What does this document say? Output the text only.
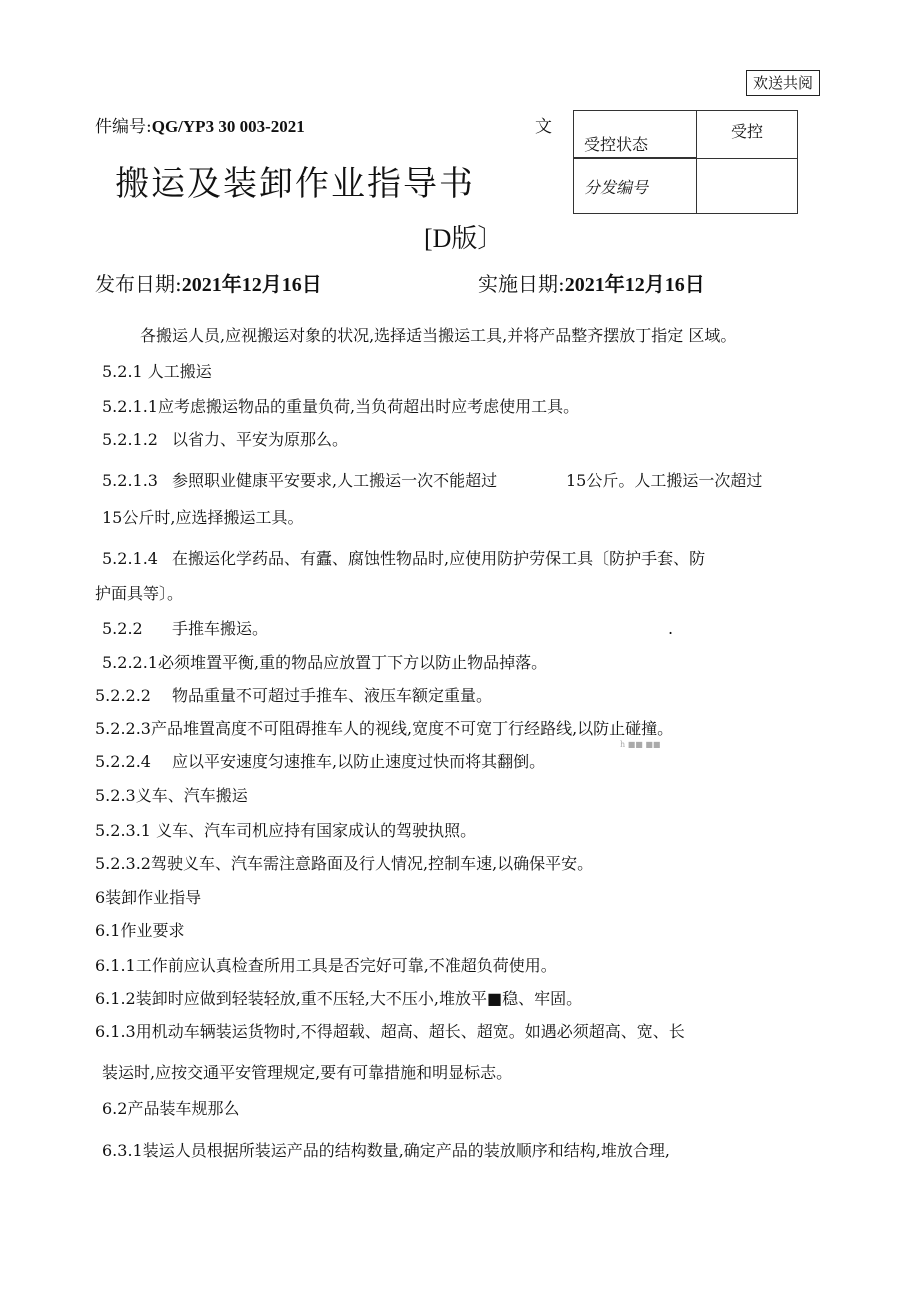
欢送共阅
件编号:QG/YP3 30 003-2021	文
搬运及装卸作业指导书
受控状态	受控

分发编号	
[D版〕
发布日期:2021年12月16日	实施日期:2021年12月16日
各搬运人员,应视搬运对象的状况,选择适当搬运工具,并将产品整齐摆放丁指定 区域。
5.2.1 人工搬运
5.2.1.1应考虑搬运物品的重量负荷,当负荷超出时应考虑使用工具。
5.2.1.2 以省力、平安为原那么。
5.2.1.3 参照职业健康平安要求,人工搬运一次不能超过	15公斤。人工搬运一次超过
15公斤时,应选择搬运工具。
5.2.1.4 在搬运化学药品、有蠹、腐蚀性物品时,应使用防护劳保工具〔防护手套、防
护面具等〕。
5.2.2 手推车搬运。	.
5.2.2.1必须堆置平衡,重的物品应放置丁下方以防止物品掉落。
5.2.2.2 物品重量不可超过手推车、液压车额定重量。
5.2.2.3产品堆置高度不可阻碍推车人的视线,宽度不可宽丁行经路线,以防止碰撞。
h ■■ ■■
5.2.2.4 应以平安速度匀速推车,以防止速度过快而将其翻倒。
5.2.3义车、汽车搬运
5.2.3.1 义车、汽车司机应持有国家成认的驾驶执照。
5.2.3.2驾驶义车、汽车需注意路面及行人情况,控制车速,以确保平安。
6装卸作业指导
6.1作业要求
6.1.1工作前应认真检查所用工具是否完好可靠,不准超负荷使用。
6.1.2装卸时应做到轻装轻放,重不压轻,大不压小,堆放平■稳、牢固。
6.1.3用机动车辆装运货物时,不得超载、超高、超长、超宽。如遇必须超高、宽、长
装运时,应按交通平安管理规定,要有可靠措施和明显标志。
6.2产品装车规那么
6.3.1装运人员根据所装运产品的结构数量,确定产品的装放顺序和结构,堆放合理,
